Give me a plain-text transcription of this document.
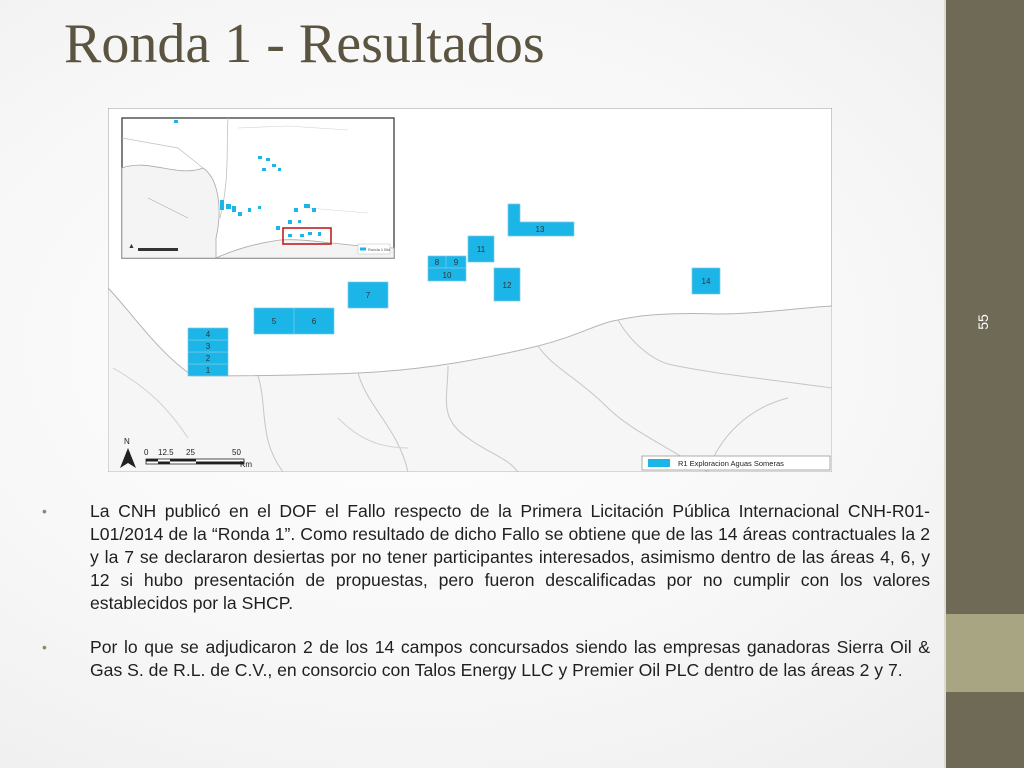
55
Ronda 1 - Resultados
Ronda 1 Bld
▲
1
2
3
4
5	6
7
8 9
10
11
12
13
14
N
0 12.5 25	50
Km	R1 Exploracion Aguas Someras
• La CNH publicó en el DOF el Fallo respecto de la Primera Licitación Pública Internacional CNH-R01-L01/2014 de la “Ronda 1”. Como resultado de dicho Fallo se obtiene que de las 14 áreas contractuales la 2 y la 7 se declararon desiertas por no tener participantes interesados, asimismo dentro de las áreas 4, 6, y 12 si hubo presentación de propuestas, pero fueron descalificadas por no cumplir con los valores establecidos por la SHCP.
• Por lo que se adjudicaron 2 de los 14 campos concursados siendo las empresas ganadoras Sierra Oil & Gas S. de R.L. de C.V., en consorcio con Talos Energy LLC y Premier Oil PLC dentro de las áreas 2 y 7.
